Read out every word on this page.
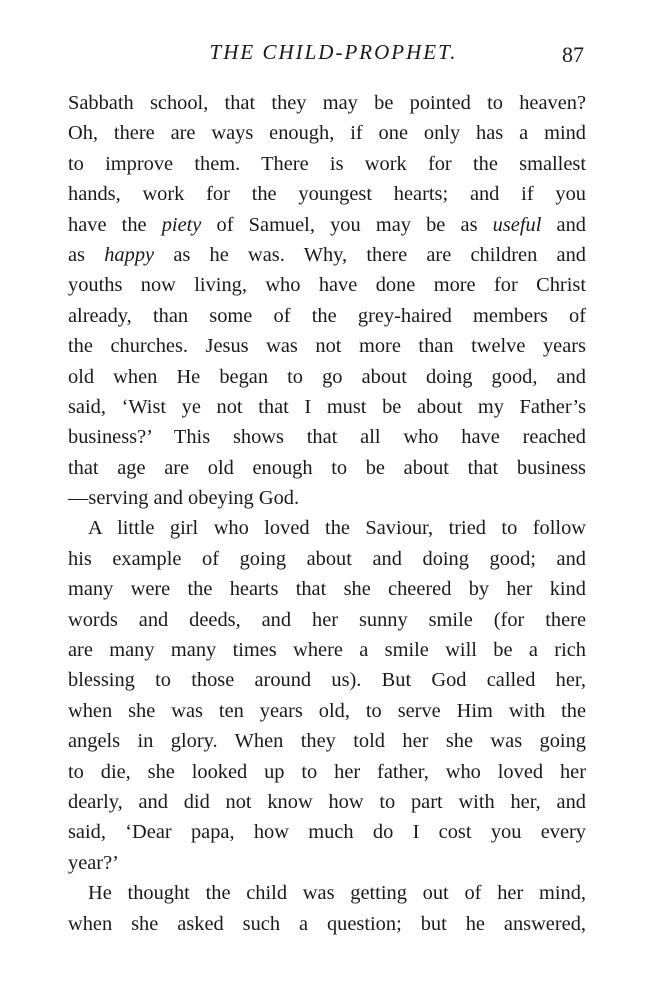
THE CHILD-PROPHET.	87
Sabbath school, that they may be pointed to heaven?
Oh, there are ways enough, if one only has a mind
to improve them. There is work for the smallest
hands, work for the youngest hearts; and if you
have the piety of Samuel, you may be as useful and
as happy as he was. Why, there are children and
youths now living, who have done more for Christ
already, than some of the grey-haired members of
the churches. Jesus was not more than twelve years
old when He began to go about doing good, and
said, ‘Wist ye not that I must be about my Father’s
business?’ This shows that all who have reached
that age are old enough to be about that business
—serving and obeying God.
A little girl who loved the Saviour, tried to follow
his example of going about and doing good; and
many were the hearts that she cheered by her kind
words and deeds, and her sunny smile (for there
are many many times where a smile will be a rich
blessing to those around us). But God called her,
when she was ten years old, to serve Him with the
angels in glory. When they told her she was going
to die, she looked up to her father, who loved her
dearly, and did not know how to part with her, and
said, ‘Dear papa, how much do I cost you every
year?’
He thought the child was getting out of her mind,
when she asked such a question; but he answered,
